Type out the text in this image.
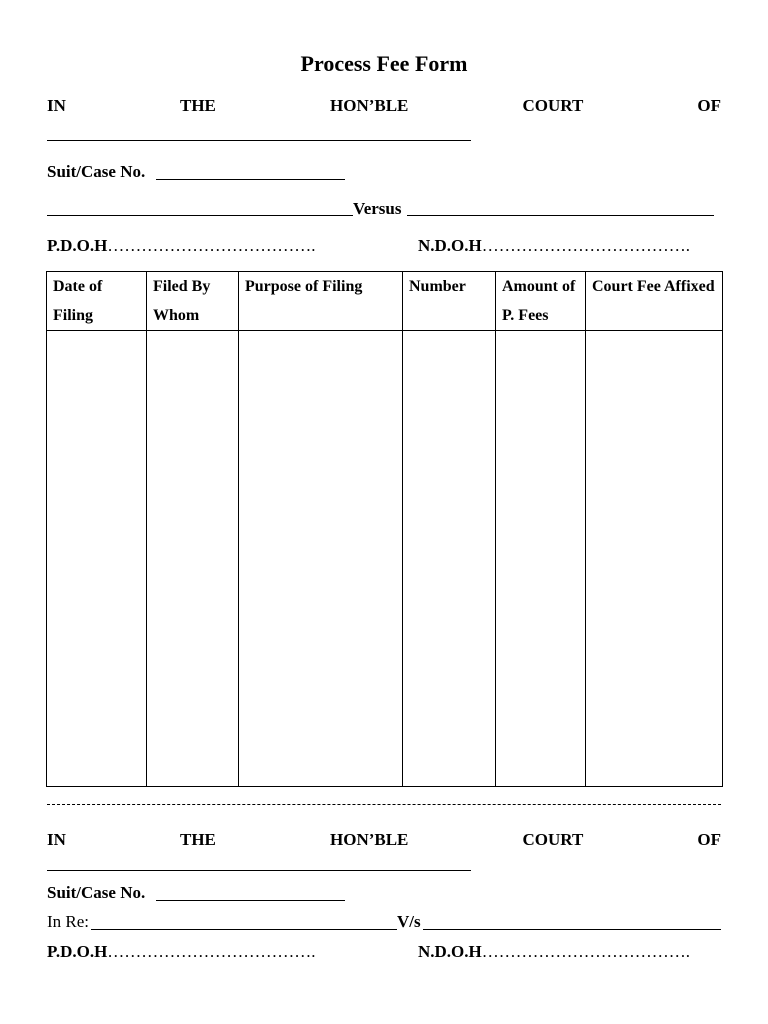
Process Fee Form
IN	THE	HON’BLE	COURT	OF
Suit/Case No.
Versus
P.D.O.H……………………………….	N.D.O.H……………………………….
Date of Filing	Filed By Whom	Purpose of Filing	Number	Amount of P. Fees	Court Fee Affixed

IN	THE	HON’BLE	COURT	OF
Suit/Case No.
In Re:	V/s
P.D.O.H……………………………….	N.D.O.H……………………………….
